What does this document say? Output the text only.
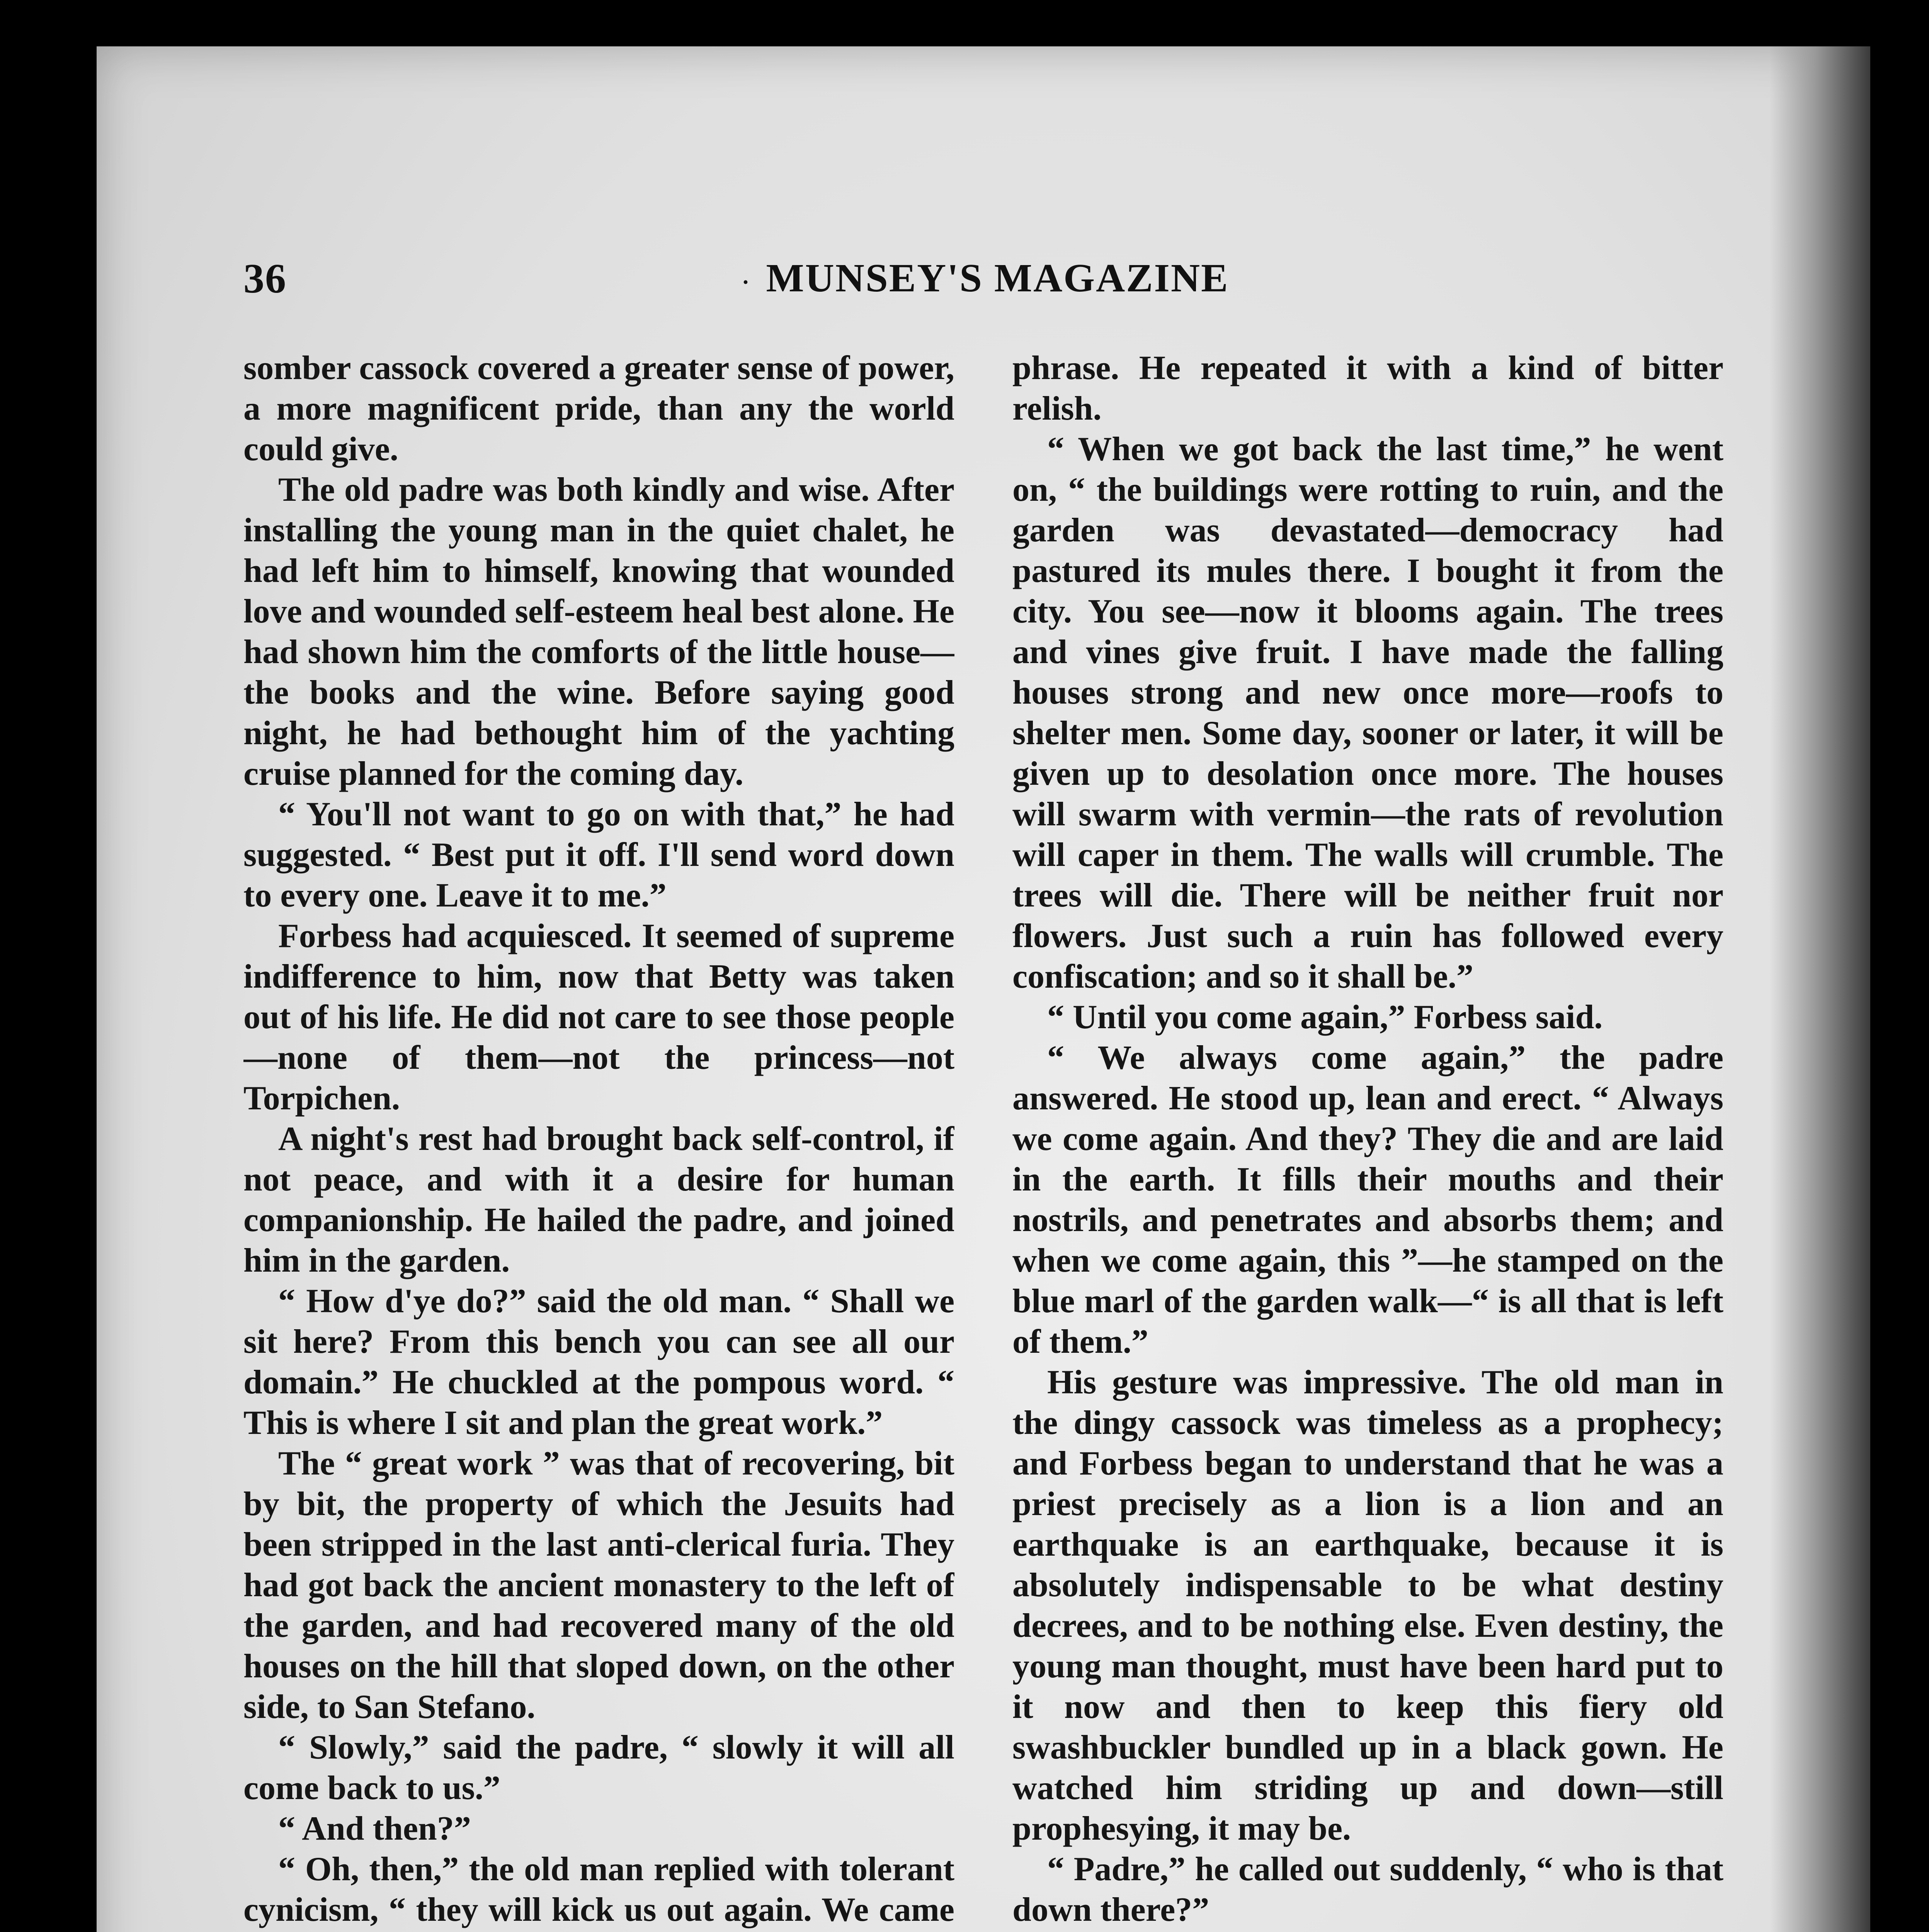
36	· MUNSEY'S MAGAZINE

somber cassock covered a greater sense of power, a more magnificent pride, than any the world could give.

The old padre was both kindly and wise. After installing the young man in the quiet chalet, he had left him to himself, knowing that wounded love and wounded self-esteem heal best alone. He had shown him the comforts of the little house—the books and the wine. Before saying good night, he had bethought him of the yachting cruise planned for the coming day.

“ You'll not want to go on with that,” he had suggested. “ Best put it off. I'll send word down to every one. Leave it to me.”

Forbess had acquiesced. It seemed of supreme indifference to him, now that Betty was taken out of his life. He did not care to see those people—none of them—not the princess—not Torpichen.

A night's rest had brought back self-control, if not peace, and with it a desire for human companionship. He hailed the padre, and joined him in the garden.

“ How d'ye do?” said the old man. “ Shall we sit here? From this bench you can see all our domain.” He chuckled at the pompous word. “ This is where I sit and plan the great work.”

The “ great work ” was that of recovering, bit by bit, the property of which the Jesuits had been stripped in the last anti-clerical furia. They had got back the ancient monastery to the left of the garden, and had recovered many of the old houses on the hill that sloped down, on the other side, to San Stefano.

“ Slowly,” said the padre, “ slowly it will all come back to us.”

“ And then?”

“ Oh, then,” the old man replied with tolerant cynicism, “ they will kick us out again. We came

phrase. He repeated it with a kind of bitter relish.

“ When we got back the last time,” he went on, “ the buildings were rotting to ruin, and the garden was devastated—democracy had pastured its mules there. I bought it from the city. You see—now it blooms again. The trees and vines give fruit. I have made the falling houses strong and new once more—roofs to shelter men. Some day, sooner or later, it will be given up to desolation once more. The houses will swarm with vermin—the rats of revolution will caper in them. The walls will crumble. The trees will die. There will be neither fruit nor flowers. Just such a ruin has followed every confiscation; and so it shall be.”

“ Until you come again,” Forbess said.

“ We always come again,” the padre answered. He stood up, lean and erect. “ Always we come again. And they? They die and are laid in the earth. It fills their mouths and their nostrils, and penetrates and absorbs them; and when we come again, this ”—he stamped on the blue marl of the garden walk—“ is all that is left of them.”

His gesture was impressive. The old man in the dingy cassock was timeless as a prophecy; and Forbess began to understand that he was a priest precisely as a lion is a lion and an earthquake is an earthquake, because it is absolutely indispensable to be what destiny decrees, and to be nothing else. Even destiny, the young man thought, must have been hard put to it now and then to keep this fiery old swashbuckler bundled up in a black gown. He watched him striding up and down—still prophesying, it may be.

“ Padre,” he called out suddenly, “ who is that down there?”
